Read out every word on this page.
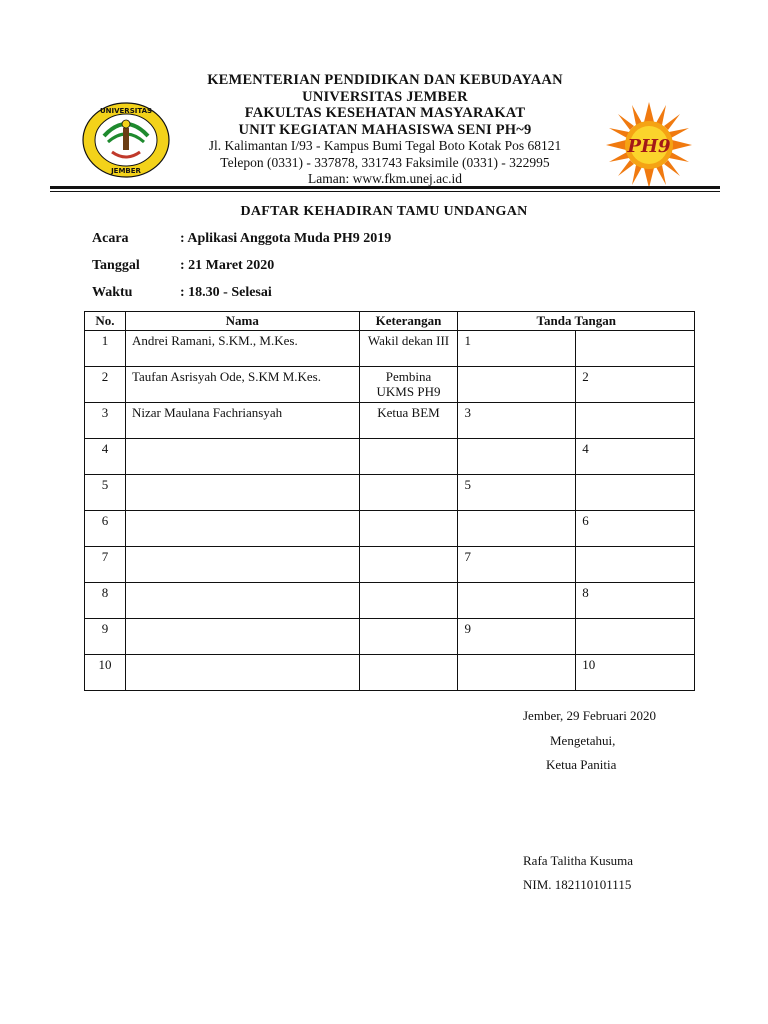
UNIVERSITAS
JEMBER
KEMENTERIAN PENDIDIKAN DAN KEBUDAYAAN
UNIVERSITAS JEMBER
FAKULTAS KESEHATAN MASYARAKAT
UNIT KEGIATAN MAHASISWA SENI PH~9
Jl. Kalimantan I/93 - Kampus Bumi Tegal Boto Kotak Pos 68121
Telepon (0331) - 337878, 331743 Faksimile (0331) - 322995
Laman: www.fkm.unej.ac.id
PH9
DAFTAR KEHADIRAN TAMU UNDANGAN
Acara	: Aplikasi Anggota Muda PH9 2019
Tanggal	: 21 Maret 2020
Waktu	: 18.30 - Selesai
No.	Nama	Keterangan	Tanda Tangan	
1	Andrei Ramani, S.KM., M.Kes.	Wakil dekan III	1	
2	Taufan Asrisyah Ode, S.KM M.Kes.	Pembina UKMS PH9		2
3	Nizar Maulana Fachriansyah	Ketua BEM	3	
4				4
5			5	
6				6
7			7	
8				8
9			9	
10				10
Jember, 29 Februari 2020
Mengetahui,
Ketua Panitia
Rafa Talitha Kusuma
NIM. 182110101115
